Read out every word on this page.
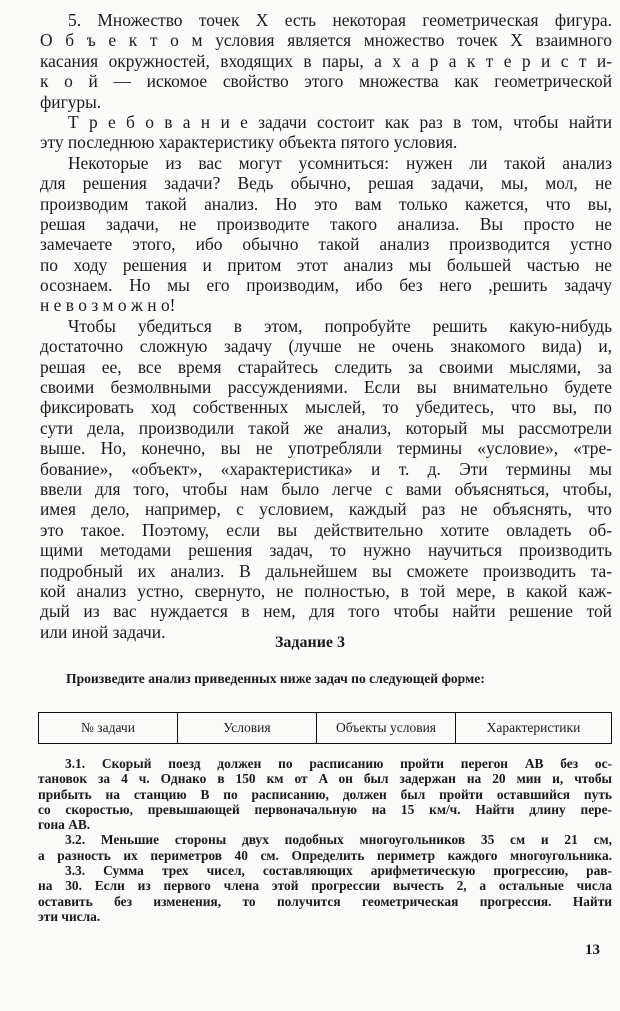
5. Множество точек X есть некоторая геометрическая фигура.
О б ъ е к т о м условия является множество точек X взаимного
касания окружностей, входящих в пары, а х а р а к т е р и с т и-
к о й — искомое свойство этого множества как геометрической
фигуры.
Т р е б о в а н и е задачи состоит как раз в том, чтобы найти
эту последнюю характеристику объекта пятого условия.
Некоторые из вас могут усомниться: нужен ли такой анализ
для решения задачи? Ведь обычно, решая задачи, мы, мол, не
производим такой анализ. Но это вам только кажется, что вы,
решая задачи, не производите такого анализа. Вы просто не
замечаете этого, ибо обычно такой анализ производится устно
по ходу решения и притом этот анализ мы большей частью не
осознаем. Но мы его производим, ибо без него ,решить задачу
н е в о з м о ж н о!
Чтобы убедиться в этом, попробуйте решить какую-нибудь
достаточно сложную задачу (лучше не очень знакомого вида) и,
решая ее, все время старайтесь следить за своими мыслями, за
своими безмолвными рассуждениями. Если вы внимательно будете
фиксировать ход собственных мыслей, то убедитесь, что вы, по
сути дела, производили такой же анализ, который мы рассмотрели
выше. Но, конечно, вы не употребляли термины «условие», «тре-
бование», «объект», «характеристика» и т. д. Эти термины мы
ввели для того, чтобы нам было легче с вами объясняться, чтобы,
имея дело, например, с условием, каждый раз не объяснять, что
это такое. Поэтому, если вы действительно хотите овладеть об-
щими методами решения задач, то нужно научиться производить
подробный их анализ. В дальнейшем вы сможете производить та-
кой анализ устно, свернуто, не полностью, в той мере, в какой каж-
дый из вас нуждается в нем, для того чтобы найти решение той
или иной задачи.
Задание 3
Произведите анализ приведенных ниже задач по следующей форме:
№ задачи	Условия	Объекты условия	Характеристики
3.1. Скорый поезд должен по расписанию пройти перегон AB без ос-
тановок за 4 ч. Однако в 150 км от A он был задержан на 20 мин и, чтобы
прибыть на станцию B по расписанию, должен был пройти оставшийся путь
со скоростью, превышающей первоначальную на 15 км/ч. Найти длину пере-
гона AB.
3.2. Меньшие стороны двух подобных многоугольников 35 см и 21 см,
а разность их периметров 40 см. Определить периметр каждого многоугольника.
3.3. Сумма трех чисел, составляющих арифметическую прогрессию, рав-
на 30. Если из первого члена этой прогрессии вычесть 2, а остальные числа
оставить без изменения, то получится геометрическая прогрессия. Найти
эти числа.
13
